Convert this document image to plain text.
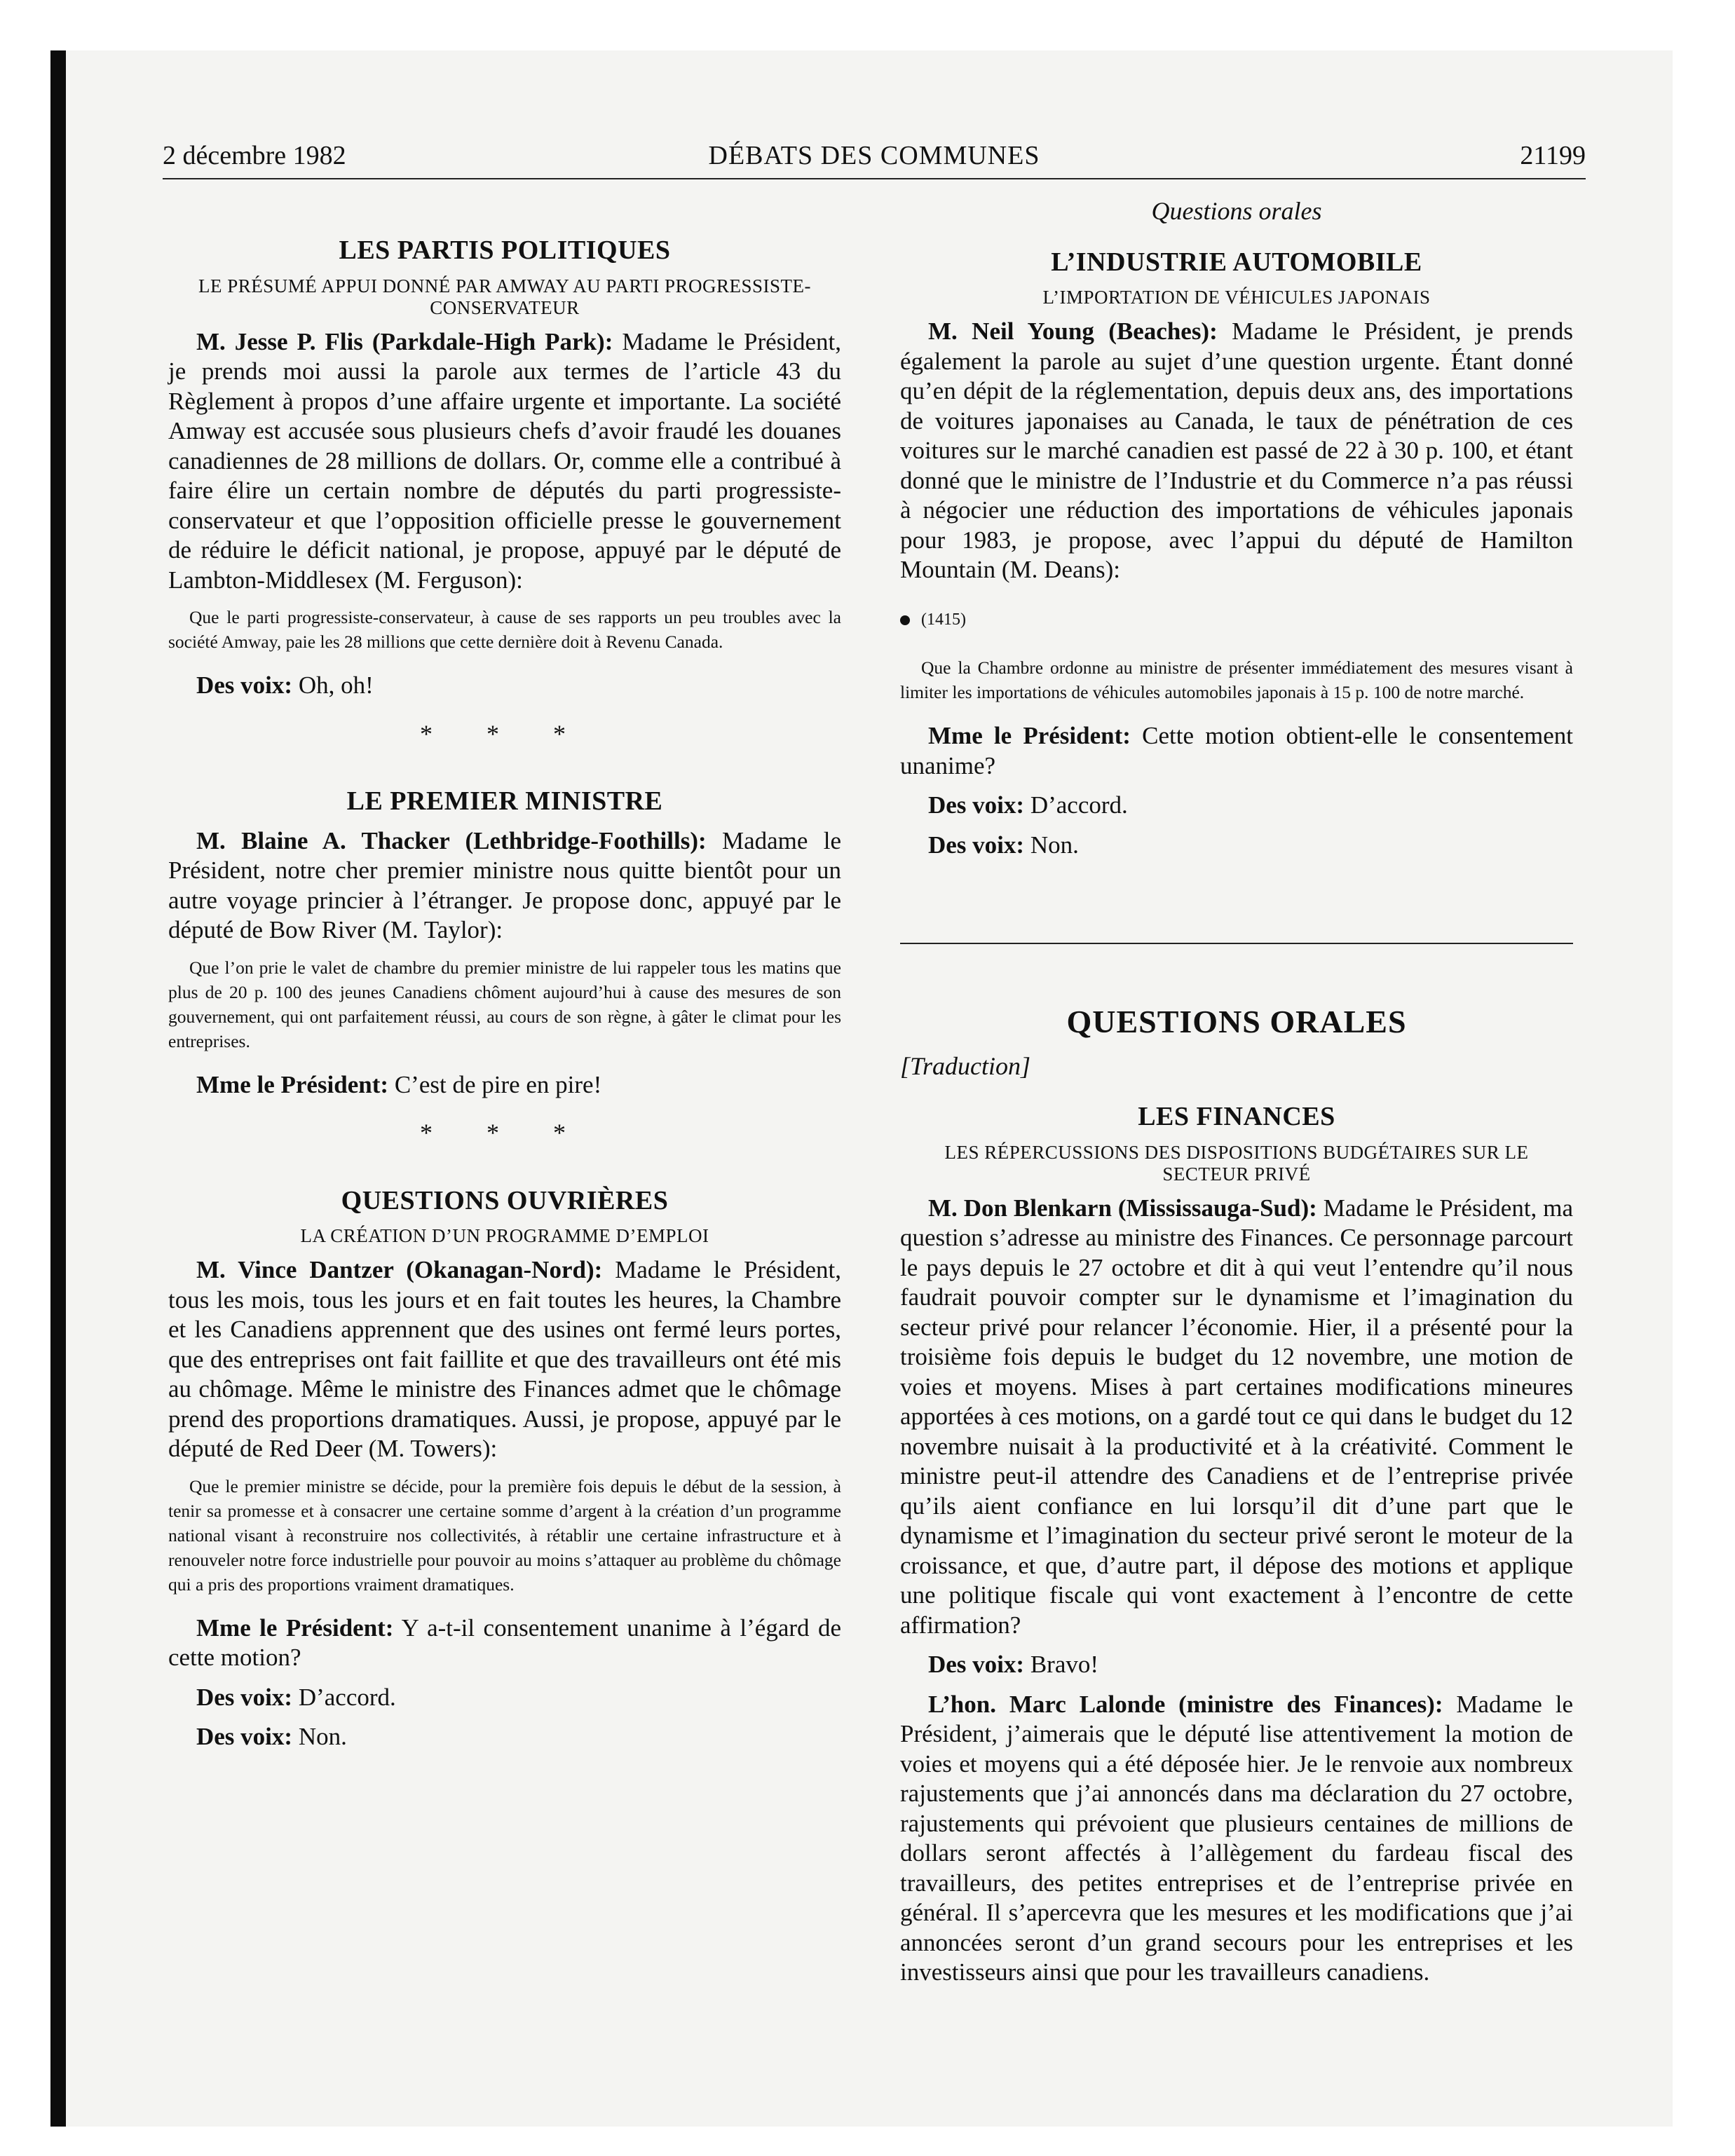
2 décembre 1982	DÉBATS DES COMMUNES	21199
LES PARTIS POLITIQUES
LE PRÉSUMÉ APPUI DONNÉ PAR AMWAY AU PARTI PROGRESSISTE-CONSERVATEUR

M. Jesse P. Flis (Parkdale-High Park): Madame le Président, je prends moi aussi la parole aux termes de l’article 43 du Règlement à propos d’une affaire urgente et importante. La société Amway est accusée sous plusieurs chefs d’avoir fraudé les douanes canadiennes de 28 millions de dollars. Or, comme elle a contribué à faire élire un certain nombre de députés du parti progressiste-conservateur et que l’opposition officielle presse le gouvernement de réduire le déficit national, je propose, appuyé par le député de Lambton-Middlesex (M. Ferguson):

Que le parti progressiste-conservateur, à cause de ses rapports un peu troubles avec la société Amway, paie les 28 millions que cette dernière doit à Revenu Canada.

Des voix: Oh, oh!

* * *
LE PREMIER MINISTRE

M. Blaine A. Thacker (Lethbridge-Foothills): Madame le Président, notre cher premier ministre nous quitte bientôt pour un autre voyage princier à l’étranger. Je propose donc, appuyé par le député de Bow River (M. Taylor):

Que l’on prie le valet de chambre du premier ministre de lui rappeler tous les matins que plus de 20 p. 100 des jeunes Canadiens chôment aujourd’hui à cause des mesures de son gouvernement, qui ont parfaitement réussi, au cours de son règne, à gâter le climat pour les entreprises.

Mme le Président: C’est de pire en pire!

* * *
QUESTIONS OUVRIÈRES
LA CRÉATION D’UN PROGRAMME D’EMPLOI

M. Vince Dantzer (Okanagan-Nord): Madame le Président, tous les mois, tous les jours et en fait toutes les heures, la Chambre et les Canadiens apprennent que des usines ont fermé leurs portes, que des entreprises ont fait faillite et que des travailleurs ont été mis au chômage. Même le ministre des Finances admet que le chômage prend des proportions dramatiques. Aussi, je propose, appuyé par le député de Red Deer (M. Towers):

Que le premier ministre se décide, pour la première fois depuis le début de la session, à tenir sa promesse et à consacrer une certaine somme d’argent à la création d’un programme national visant à reconstruire nos collectivités, à rétablir une certaine infrastructure et à renouveler notre force industrielle pour pouvoir au moins s’attaquer au problème du chômage qui a pris des proportions vraiment dramatiques.

Mme le Président: Y a-t-il consentement unanime à l’égard de cette motion?

Des voix: D’accord.

Des voix: Non.

Questions orales
L’INDUSTRIE AUTOMOBILE
L’IMPORTATION DE VÉHICULES JAPONAIS

M. Neil Young (Beaches): Madame le Président, je prends également la parole au sujet d’une question urgente. Étant donné qu’en dépit de la réglementation, depuis deux ans, des importations de voitures japonaises au Canada, le taux de pénétration de ces voitures sur le marché canadien est passé de 22 à 30 p. 100, et étant donné que le ministre de l’Industrie et du Commerce n’a pas réussi à négocier une réduction des importations de véhicules japonais pour 1983, je propose, avec l’appui du député de Hamilton Mountain (M. Deans):

(1415)

Que la Chambre ordonne au ministre de présenter immédiatement des mesures visant à limiter les importations de véhicules automobiles japonais à 15 p. 100 de notre marché.

Mme le Président: Cette motion obtient-elle le consentement unanime?

Des voix: D’accord.

Des voix: Non.

QUESTIONS ORALES
[Traduction]
LES FINANCES
LES RÉPERCUSSIONS DES DISPOSITIONS BUDGÉTAIRES SUR LE SECTEUR PRIVÉ

M. Don Blenkarn (Mississauga-Sud): Madame le Président, ma question s’adresse au ministre des Finances. Ce personnage parcourt le pays depuis le 27 octobre et dit à qui veut l’entendre qu’il nous faudrait pouvoir compter sur le dynamisme et l’imagination du secteur privé pour relancer l’économie. Hier, il a présenté pour la troisième fois depuis le budget du 12 novembre, une motion de voies et moyens. Mises à part certaines modifications mineures apportées à ces motions, on a gardé tout ce qui dans le budget du 12 novembre nuisait à la productivité et à la créativité. Comment le ministre peut-il attendre des Canadiens et de l’entreprise privée qu’ils aient confiance en lui lorsqu’il dit d’une part que le dynamisme et l’imagination du secteur privé seront le moteur de la croissance, et que, d’autre part, il dépose des motions et applique une politique fiscale qui vont exactement à l’encontre de cette affirmation?

Des voix: Bravo!

L’hon. Marc Lalonde (ministre des Finances): Madame le Président, j’aimerais que le député lise attentivement la motion de voies et moyens qui a été déposée hier. Je le renvoie aux nombreux rajustements que j’ai annoncés dans ma déclaration du 27 octobre, rajustements qui prévoient que plusieurs centaines de millions de dollars seront affectés à l’allègement du fardeau fiscal des travailleurs, des petites entreprises et de l’entreprise privée en général. Il s’apercevra que les mesures et les modifications que j’ai annoncées seront d’un grand secours pour les entreprises et les investisseurs ainsi que pour les travailleurs canadiens.
